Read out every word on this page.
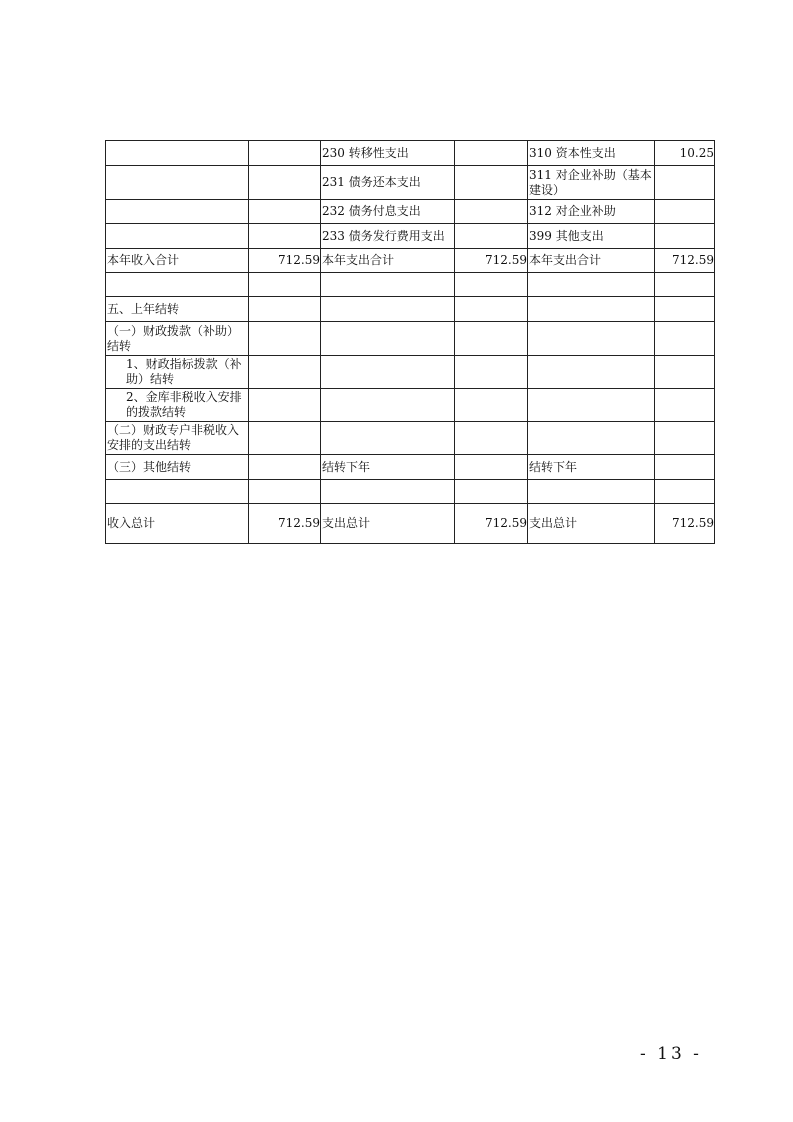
		230 转移性支出		310 资本性支出	10.25
		231 债务还本支出		311 对企业补助（基本建设）	
		232 债务付息支出		312 对企业补助	
		233 债务发行费用支出		399 其他支出	
本年收入合计	712.59	本年支出合计	712.59	本年支出合计	712.59

五、上年结转					
（一）财政拨款（补助）结转					
1、财政指标拨款（补助）结转					
2、金库非税收入安排的拨款结转					
（二）财政专户非税收入安排的支出结转					
（三）其他结转		结转下年		结转下年	

收入总计	712.59	支出总计	712.59	支出总计	712.59
- 13 -
